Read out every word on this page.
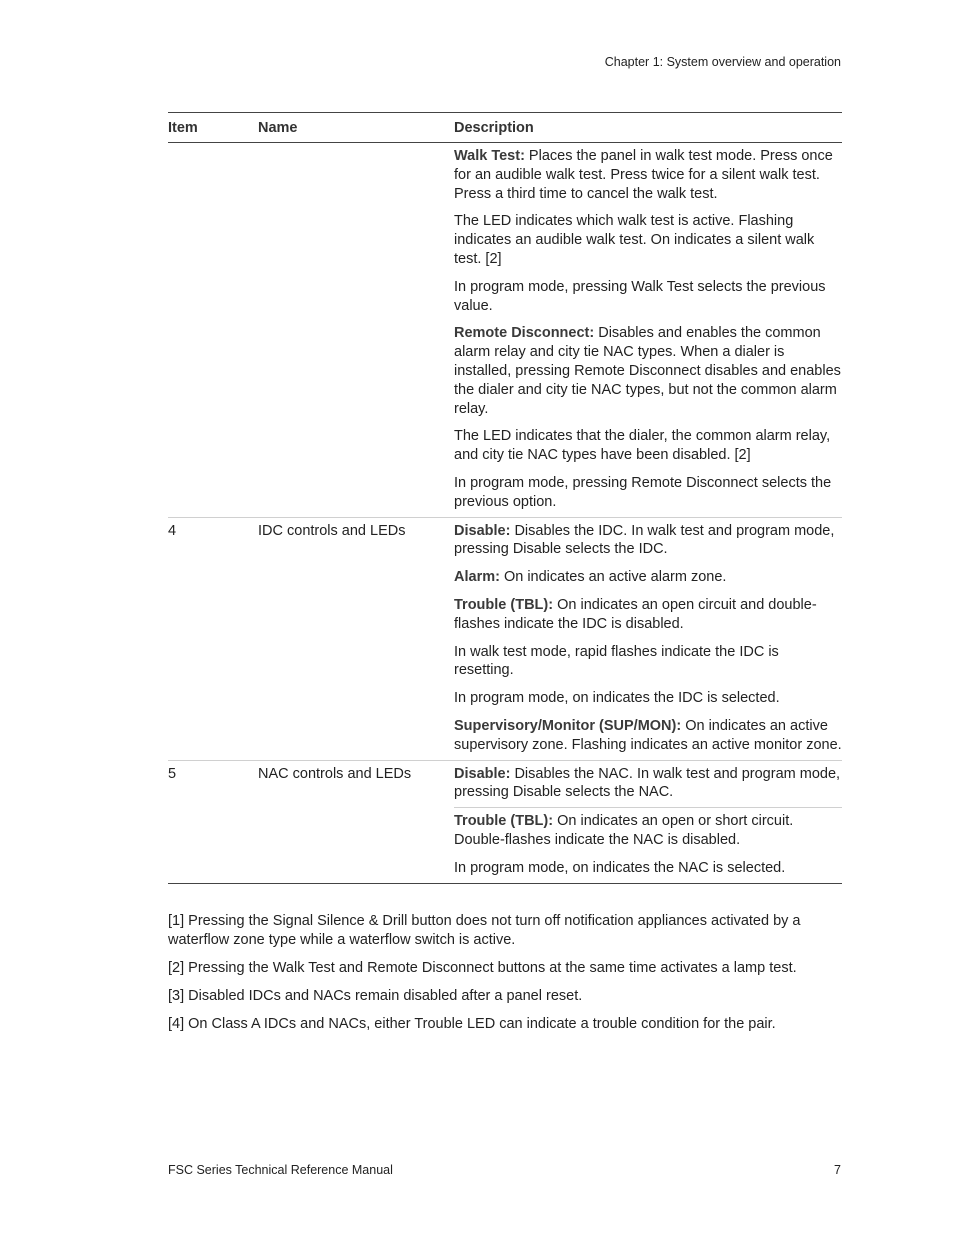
Chapter 1: System overview and operation
Item	Name	Description
Walk Test: Places the panel in walk test mode. Press once for an audible walk test. Press twice for a silent walk test. Press a third time to cancel the walk test.
The LED indicates which walk test is active. Flashing indicates an audible walk test. On indicates a silent walk test. [2]
In program mode, pressing Walk Test selects the previous value.
Remote Disconnect: Disables and enables the common alarm relay and city tie NAC types. When a dialer is installed, pressing Remote Disconnect disables and enables the dialer and city tie NAC types, but not the common alarm relay.
The LED indicates that the dialer, the common alarm relay, and city tie NAC types have been disabled. [2]
In program mode, pressing Remote Disconnect selects the previous option.
4	IDC controls and LEDs	Disable: Disables the IDC. In walk test and program mode, pressing Disable selects the IDC.
Alarm: On indicates an active alarm zone.
Trouble (TBL): On indicates an open circuit and double-flashes indicate the IDC is disabled.
In walk test mode, rapid flashes indicate the IDC is resetting.
In program mode, on indicates the IDC is selected.
Supervisory/Monitor (SUP/MON): On indicates an active supervisory zone. Flashing indicates an active monitor zone.
5	NAC controls and LEDs	Disable: Disables the NAC. In walk test and program mode, pressing Disable selects the NAC.
Trouble (TBL): On indicates an open or short circuit. Double-flashes indicate the NAC is disabled.
In program mode, on indicates the NAC is selected.
[1] Pressing the Signal Silence & Drill button does not turn off notification appliances activated by a waterflow zone type while a waterflow switch is active.
[2] Pressing the Walk Test and Remote Disconnect buttons at the same time activates a lamp test.
[3] Disabled IDCs and NACs remain disabled after a panel reset.
[4] On Class A IDCs and NACs, either Trouble LED can indicate a trouble condition for the pair.
FSC Series Technical Reference Manual	7
